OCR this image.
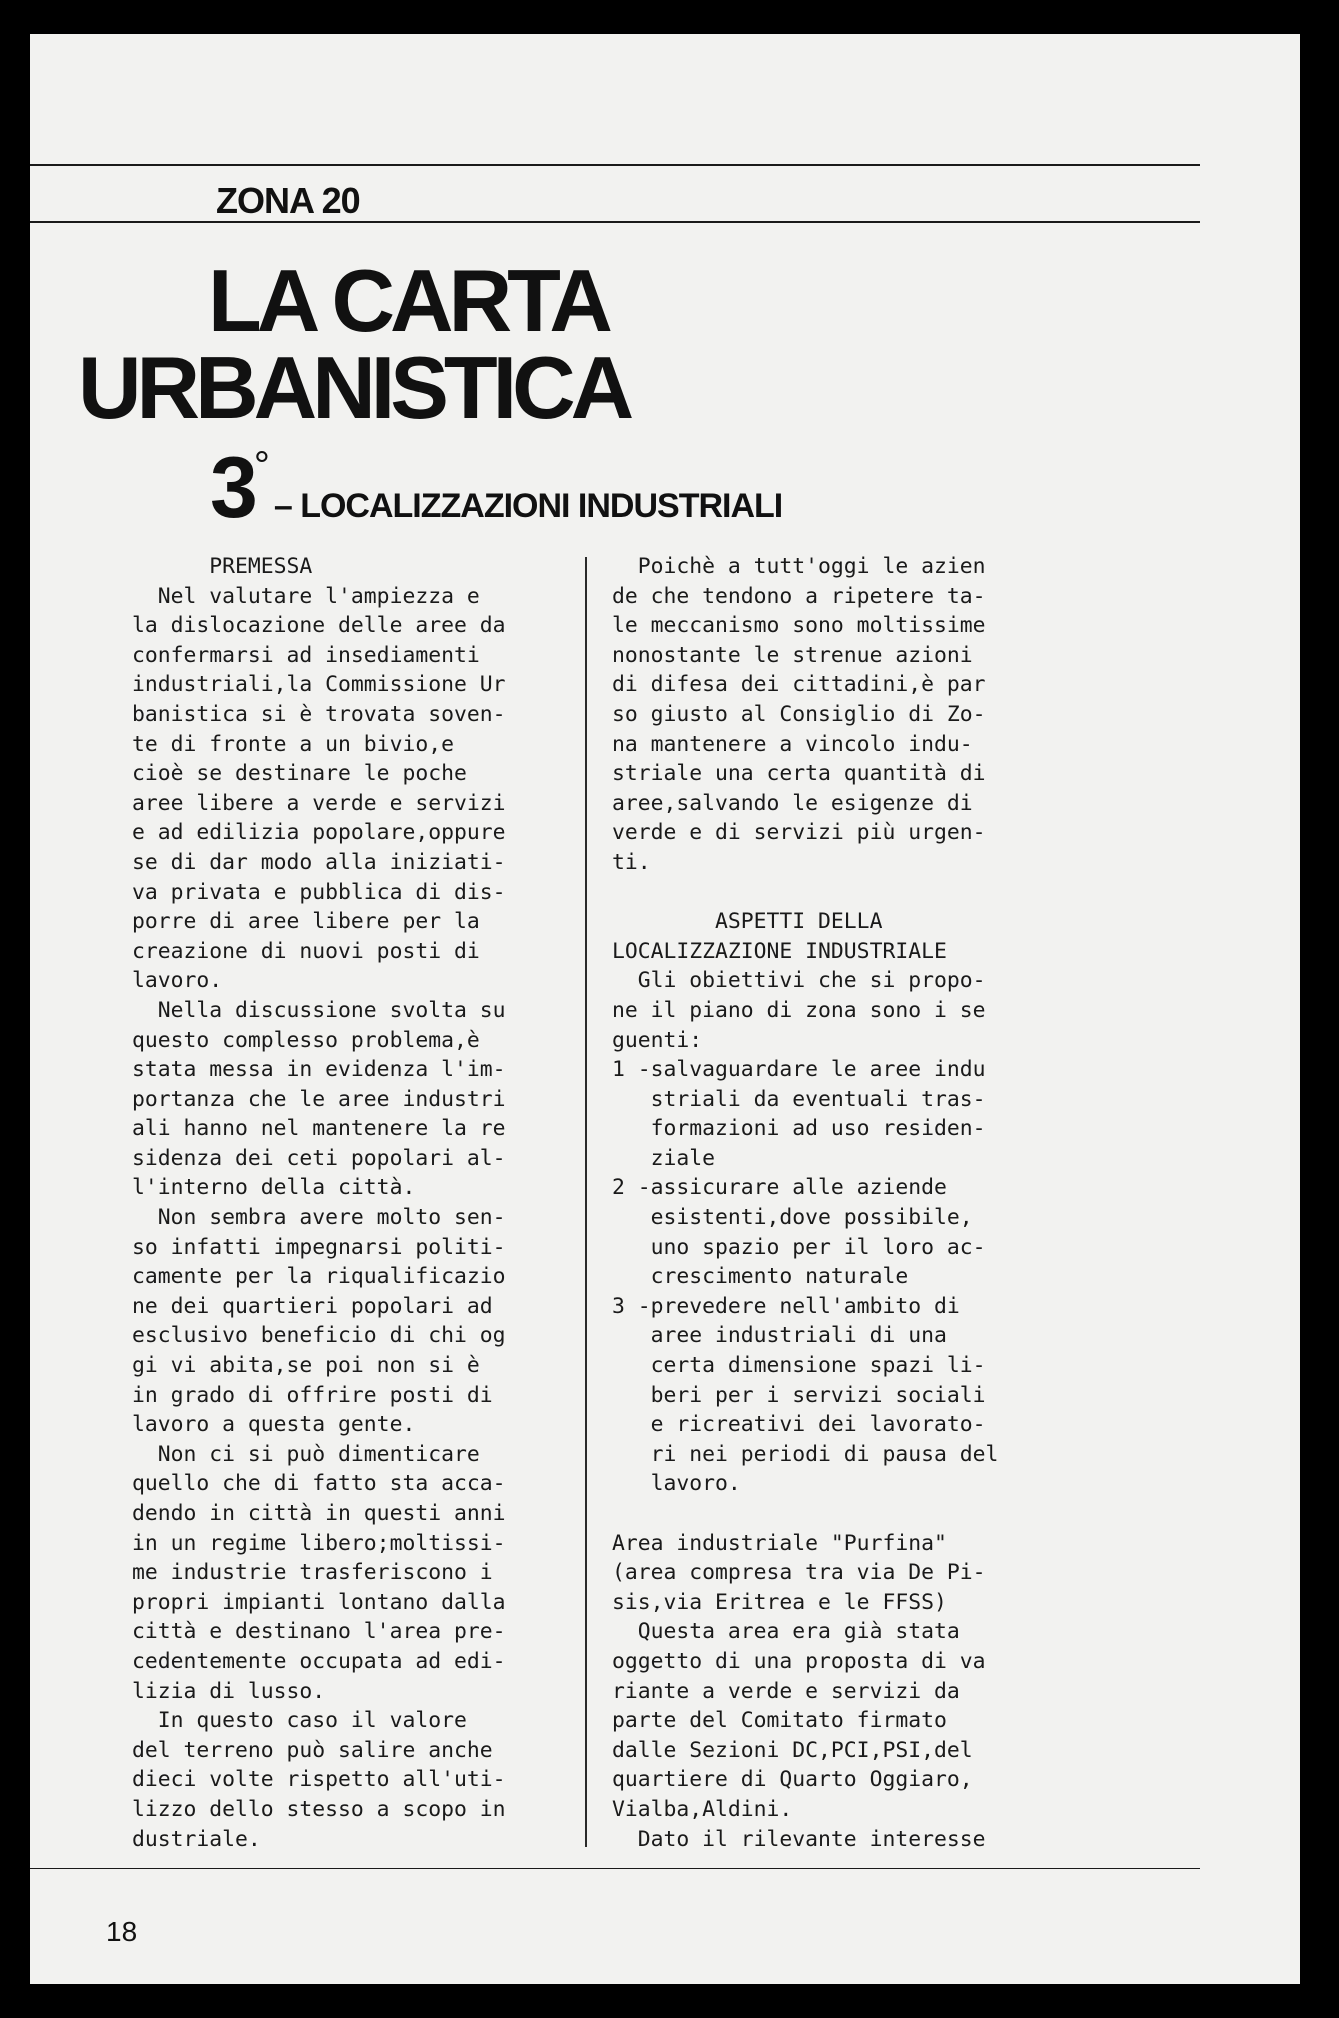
ZONA 20

LA CARTA

URBANISTICA

3°– LOCALIZZAZIONI INDUSTRIALI

PREMESSA
Nel valutare l'ampiezza e
la dislocazione delle aree da
confermarsi ad insediamenti
industriali,la Commissione Ur
banistica si è trovata soven-
te di fronte a un bivio,e
cioè se destinare le poche
aree libere a verde e servizi
e ad edilizia popolare,oppure
se di dar modo alla iniziati-
va privata e pubblica di dis-
porre di aree libere per la
creazione di nuovi posti di
lavoro.
Nella discussione svolta su
questo complesso problema,è
stata messa in evidenza l'im-
portanza che le aree industri
ali hanno nel mantenere la re
sidenza dei ceti popolari al-
l'interno della città.
Non sembra avere molto sen-
so infatti impegnarsi politi-
camente per la riqualificazio
ne dei quartieri popolari ad
esclusivo beneficio di chi og
gi vi abita,se poi non si è
in grado di offrire posti di
lavoro a questa gente.
Non ci si può dimenticare
quello che di fatto sta acca-
dendo in città in questi anni
in un regime libero;moltissi-
me industrie trasferiscono i
propri impianti lontano dalla
città e destinano l'area pre-
cedentemente occupata ad edi-
lizia di lusso.
In questo caso il valore
del terreno può salire anche
dieci volte rispetto all'uti-
lizzo dello stesso a scopo in
dustriale.
Poichè a tutt'oggi le azien
de che tendono a ripetere ta-
le meccanismo sono moltissime
nonostante le strenue azioni
di difesa dei cittadini,è par
so giusto al Consiglio di Zo-
na mantenere a vincolo indu-
striale una certa quantità di
aree,salvando le esigenze di
verde e di servizi più urgen-
ti.
ASPETTI DELLA
LOCALIZZAZIONE INDUSTRIALE
Gli obiettivi che si propo-
ne il piano di zona sono i se
guenti:
1 -salvaguardare le aree indu
striali da eventuali tras-
formazioni ad uso residen-
ziale
2 -assicurare alle aziende
esistenti,dove possibile,
uno spazio per il loro ac-
crescimento naturale
3 -prevedere nell'ambito di
aree industriali di una
certa dimensione spazi li-
beri per i servizi sociali
e ricreativi dei lavorato-
ri nei periodi di pausa del
lavoro.
Area industriale "Purfina"
(area compresa tra via De Pi-
sis,via Eritrea e le FFSS)
Questa area era già stata
oggetto di una proposta di va
riante a verde e servizi da
parte del Comitato firmato
dalle Sezioni DC,PCI,PSI,del
quartiere di Quarto Oggiaro,
Vialba,Aldini.
Dato il rilevante interesse

18
